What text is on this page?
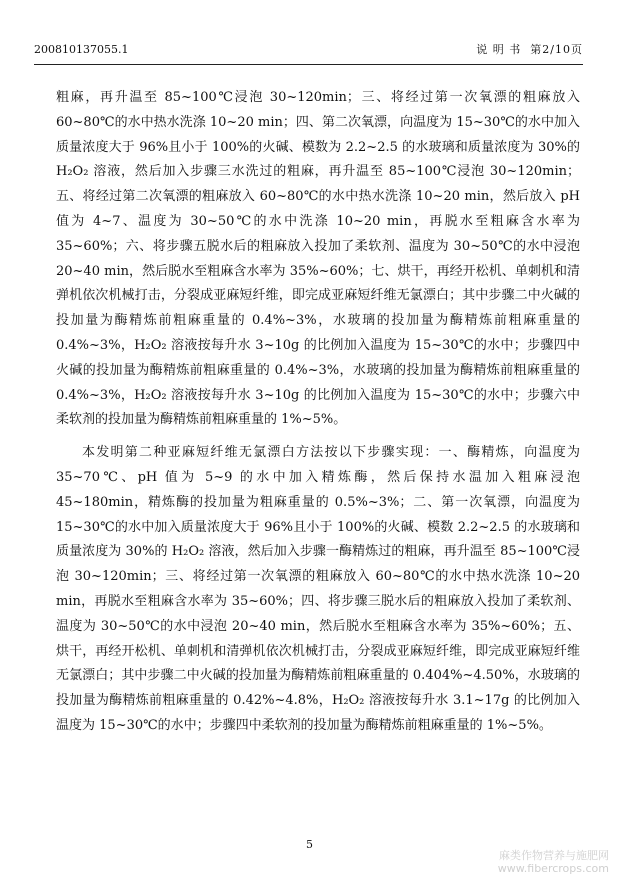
200810137055.1	说 明 书 第2/10页

粗麻，再升温至 85~100℃浸泡 30~120min；三、将经过第一次氧漂的粗麻放入 60~80℃的水中热水洗涤 10~20 min；四、第二次氧漂，向温度为 15~30℃的水中加入质量浓度大于 96%且小于 100%的火碱、模数为 2.2~2.5 的水玻璃和质量浓度为 30%的 H₂O₂ 溶液，然后加入步骤三水洗过的粗麻，再升温至 85~100℃浸泡 30~120min；五、将经过第二次氧漂的粗麻放入 60~80℃的水中热水洗涤 10~20 min，然后放入 pH 值为 4~7、温度为 30~50℃的水中洗涤 10~20 min，再脱水至粗麻含水率为 35~60%；六、将步骤五脱水后的粗麻放入投加了柔软剂、温度为 30~50℃的水中浸泡 20~40 min，然后脱水至粗麻含水率为 35%~60%；七、烘干，再经开松机、单刺机和清弹机依次机械打击，分裂成亚麻短纤维，即完成亚麻短纤维无氯漂白；其中步骤二中火碱的投加量为酶精炼前粗麻重量的 0.4%~3%，水玻璃的投加量为酶精炼前粗麻重量的 0.4%~3%，H₂O₂ 溶液按每升水 3~10g 的比例加入温度为 15~30℃的水中；步骤四中火碱的投加量为酶精炼前粗麻重量的 0.4%~3%，水玻璃的投加量为酶精炼前粗麻重量的 0.4%~3%，H₂O₂ 溶液按每升水 3~10g 的比例加入温度为 15~30℃的水中；步骤六中柔软剂的投加量为酶精炼前粗麻重量的 1%~5%。

本发明第二种亚麻短纤维无氯漂白方法按以下步骤实现：一、酶精炼，向温度为 35~70℃、pH 值为 5~9 的水中加入精炼酶，然后保持水温加入粗麻浸泡 45~180min，精炼酶的投加量为粗麻重量的 0.5%~3%；二、第一次氧漂，向温度为 15~30℃的水中加入质量浓度大于 96%且小于 100%的火碱、模数 2.2~2.5 的水玻璃和质量浓度为 30%的 H₂O₂ 溶液，然后加入步骤一酶精炼过的粗麻，再升温至 85~100℃浸泡 30~120min；三、将经过第一次氧漂的粗麻放入 60~80℃的水中热水洗涤 10~20 min，再脱水至粗麻含水率为 35~60%；四、将步骤三脱水后的粗麻放入投加了柔软剂、温度为 30~50℃的水中浸泡 20~40 min，然后脱水至粗麻含水率为 35%~60%；五、烘干，再经开松机、单刺机和清弹机依次机械打击，分裂成亚麻短纤维，即完成亚麻短纤维无氯漂白；其中步骤二中火碱的投加量为酶精炼前粗麻重量的 0.404%~4.50%，水玻璃的投加量为酶精炼前粗麻重量的 0.42%~4.8%，H₂O₂ 溶液按每升水 3.1~17g 的比例加入温度为 15~30℃的水中；步骤四中柔软剂的投加量为酶精炼前粗麻重量的 1%~5%。

5
麻类作物营养与施肥网
www.fibercrops.com
